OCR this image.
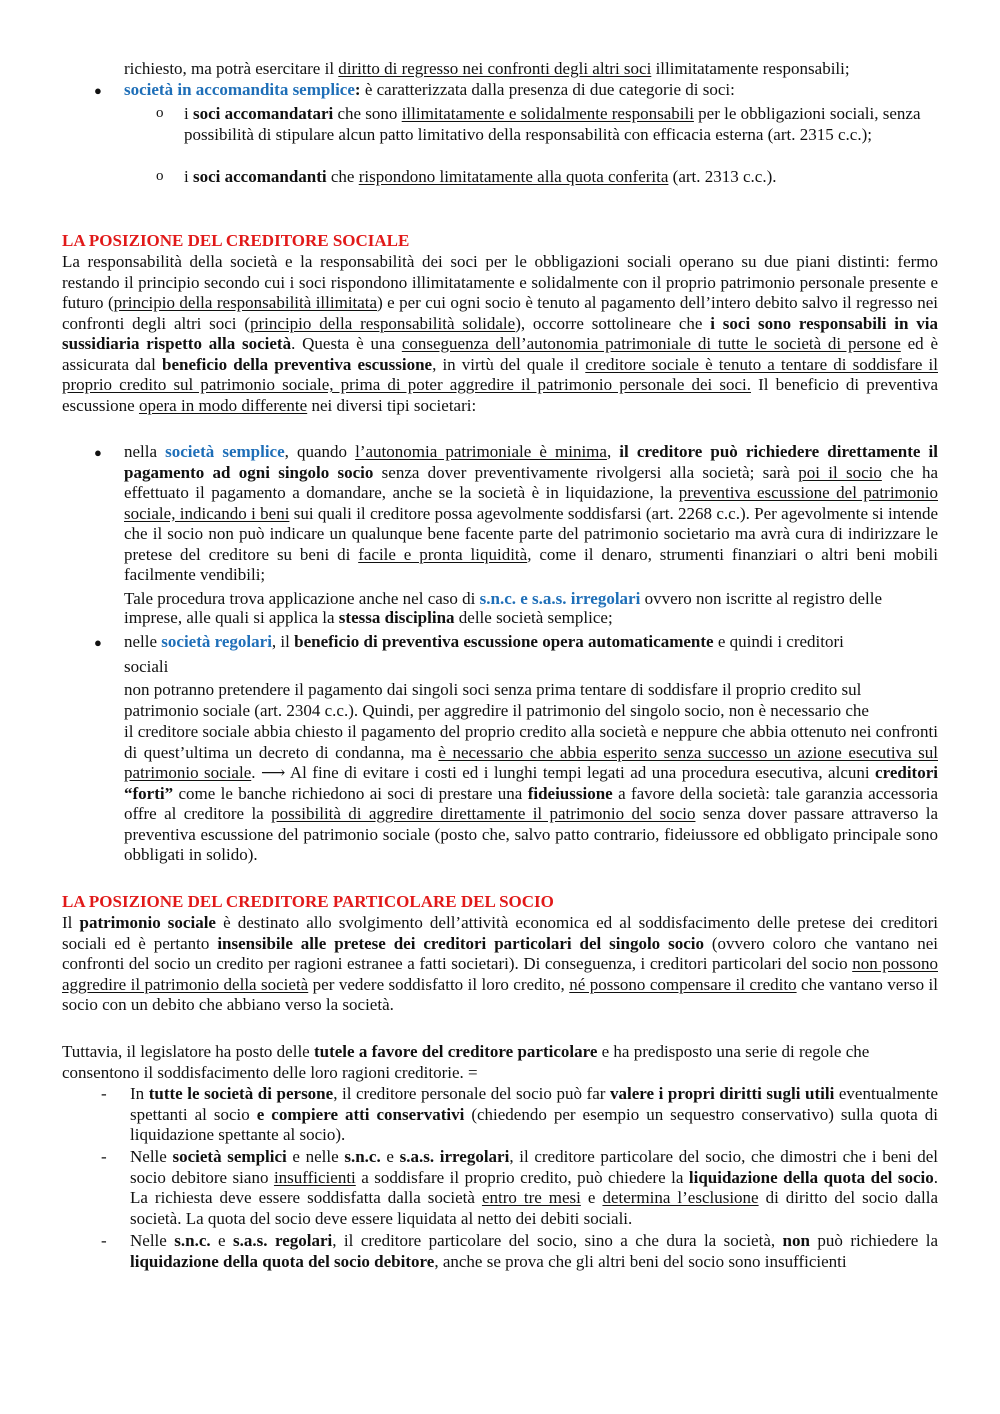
richiesto, ma potrà esercitare il diritto di regresso nei confronti degli altri soci illimitatamente responsabili;

● società in accomandita semplice: è caratterizzata dalla presenza di due categorie di soci:

o i soci accomandatari che sono illimitatamente e solidalmente responsabili per le obbligazioni sociali, senza possibilità di stipulare alcun patto limitativo della responsabilità con efficacia esterna (art. 2315 c.c.);

o i soci accomandanti che rispondono limitatamente alla quota conferita (art. 2313 c.c.).

LA POSIZIONE DEL CREDITORE SOCIALE

La responsabilità della società e la responsabilità dei soci per le obbligazioni sociali operano su due piani distinti: fermo restando il principio secondo cui i soci rispondono illimitatamente e solidalmente con il proprio patrimonio personale presente e futuro (principio della responsabilità illimitata) e per cui ogni socio è tenuto al pagamento dell’intero debito salvo il regresso nei confronti degli altri soci (principio della responsabilità solidale), occorre sottolineare che i soci sono responsabili in via sussidiaria rispetto alla società. Questa è una conseguenza dell’autonomia patrimoniale di tutte le società di persone ed è assicurata dal beneficio della preventiva escussione, in virtù del quale il creditore sociale è tenuto a tentare di soddisfare il proprio credito sul patrimonio sociale, prima di poter aggredire il patrimonio personale dei soci. Il beneficio di preventiva escussione opera in modo differente nei diversi tipi societari:

● nella società semplice, quando l’autonomia patrimoniale è minima, il creditore può richiedere direttamente il pagamento ad ogni singolo socio senza dover preventivamente rivolgersi alla società; sarà poi il socio che ha effettuato il pagamento a domandare, anche se la società è in liquidazione, la preventiva escussione del patrimonio sociale, indicando i beni sui quali il creditore possa agevolmente soddisfarsi (art. 2268 c.c.). Per agevolmente si intende che il socio non può indicare un qualunque bene facente parte del patrimonio societario ma avrà cura di indirizzare le pretese del creditore su beni di facile e pronta liquidità, come il denaro, strumenti finanziari o altri beni mobili facilmente vendibili;

Tale procedura trova applicazione anche nel caso di s.n.c. e s.a.s. irregolari ovvero non iscritte al registro delle imprese, alle quali si applica la stessa disciplina delle società semplice;

● nelle società regolari, il beneficio di preventiva escussione opera automaticamente e quindi i creditori

sociali

non potranno pretendere il pagamento dai singoli soci senza prima tentare di soddisfare il proprio credito sul patrimonio sociale (art. 2304 c.c.). Quindi, per aggredire il patrimonio del singolo socio, non è necessario che

il creditore sociale abbia chiesto il pagamento del proprio credito alla società e neppure che abbia ottenuto nei confronti di quest’ultima un decreto di condanna, ma è necessario che abbia esperito senza successo un azione esecutiva sul patrimonio sociale. ⟶ Al fine di evitare i costi ed i lunghi tempi legati ad una procedura esecutiva, alcuni creditori “forti” come le banche richiedono ai soci di prestare una fideiussione a favore della società: tale garanzia accessoria offre al creditore la possibilità di aggredire direttamente il patrimonio del socio senza dover passare attraverso la preventiva escussione del patrimonio sociale (posto che, salvo patto contrario, fideiussore ed obbligato principale sono obbligati in solido).

LA POSIZIONE DEL CREDITORE PARTICOLARE DEL SOCIO

Il patrimonio sociale è destinato allo svolgimento dell’attività economica ed al soddisfacimento delle pretese dei creditori sociali ed è pertanto insensibile alle pretese dei creditori particolari del singolo socio (ovvero coloro che vantano nei confronti del socio un credito per ragioni estranee a fatti societari). Di conseguenza, i creditori particolari del socio non possono aggredire il patrimonio della società per vedere soddisfatto il loro credito, né possono compensare il credito che vantano verso il socio con un debito che abbiano verso la società.

Tuttavia, il legislatore ha posto delle tutele a favore del creditore particolare e ha predisposto una serie di regole che consentono il soddisfacimento delle loro ragioni creditorie. =

- In tutte le società di persone, il creditore personale del socio può far valere i propri diritti sugli utili eventualmente spettanti al socio e compiere atti conservativi (chiedendo per esempio un sequestro conservativo) sulla quota di liquidazione spettante al socio).

- Nelle società semplici e nelle s.n.c. e s.a.s. irregolari, il creditore particolare del socio, che dimostri che i beni del socio debitore siano insufficienti a soddisfare il proprio credito, può chiedere la liquidazione della quota del socio. La richiesta deve essere soddisfatta dalla società entro tre mesi e determina l’esclusione di diritto del socio dalla società. La quota del socio deve essere liquidata al netto dei debiti sociali.

- Nelle s.n.c. e s.a.s. regolari, il creditore particolare del socio, sino a che dura la società, non può richiedere la liquidazione della quota del socio debitore, anche se prova che gli altri beni del socio sono insufficienti
